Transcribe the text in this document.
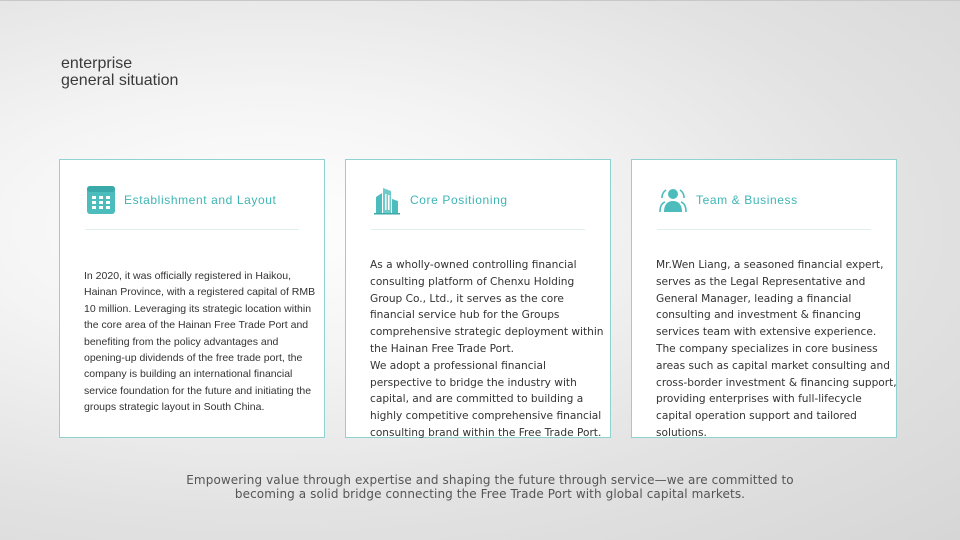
enterprise
general situation
Establishment and Layout
In 2020, it was officially registered in Haikou, Hainan Province, with a registered capital of RMB 10 million. Leveraging its strategic location within the core area of the Hainan Free Trade Port and benefiting from the policy advantages and opening-up dividends of the free trade port, the company is building an international financial service foundation for the future and initiating the groups strategic layout in South China.
Core Positioning

As a wholly-owned controlling financial consulting platform of Chenxu Holding Group Co., Ltd., it serves as the core financial service hub for the Groups comprehensive strategic deployment within the Hainan Free Trade Port.

We adopt a professional financial perspective to bridge the industry with capital, and are committed to building a highly competitive comprehensive financial consulting brand within the Free Trade Port.

Team & Business

Mr.Wen Liang, a seasoned financial expert, serves as the Legal Representative and General Manager, leading a financial consulting and investment & financing services team with extensive experience. The company specializes in core business areas such as capital market consulting and cross-border investment & financing support, providing enterprises with full-lifecycle capital operation support and tailored solutions.

Empowering value through expertise and shaping the future through service—we are committed to
becoming a solid bridge connecting the Free Trade Port with global capital markets.
